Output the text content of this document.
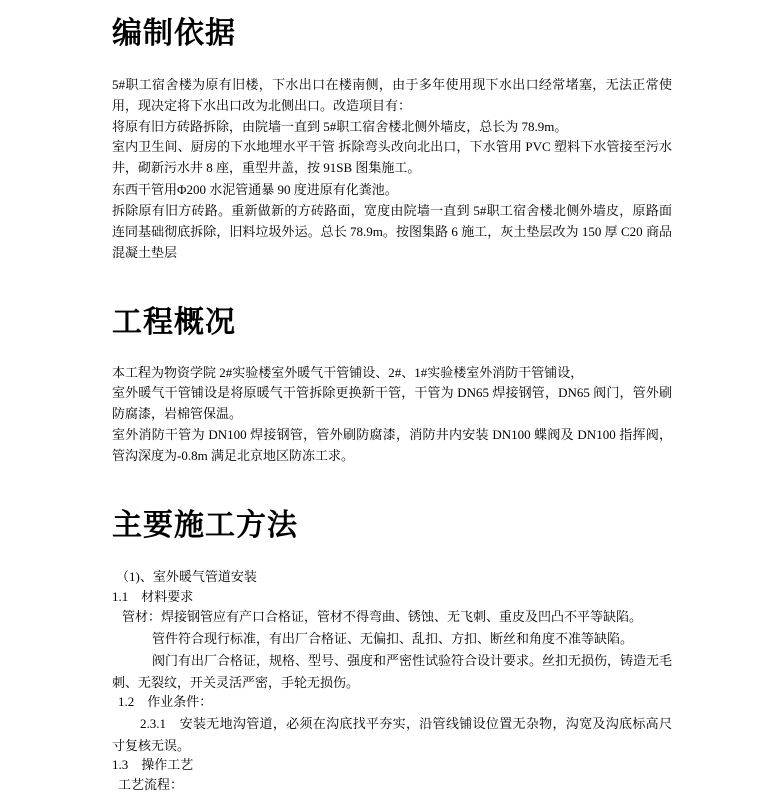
编制依据

5#职工宿舍楼为原有旧楼，下水出口在楼南侧，由于多年使用现下水出口经常堵塞，无法正常使用，现决定将下水出口改为北侧出口。改造项目有：

将原有旧方砖路拆除，由院墙一直到 5#职工宿舍楼北侧外墙皮，总长为 78.9m。

室内卫生间、厨房的下水地埋水平干管 拆除弯头改向北出口，下水管用 PVC 塑料下水管接至污水井，砌新污水井 8 座，重型井盖，按 91SB 图集施工。

东西干管用Φ200 水泥管通暴 90 度进原有化粪池。

拆除原有旧方砖路。重新做新的方砖路面，宽度由院墙一直到 5#职工宿舍楼北侧外墙皮，原路面连同基础彻底拆除，旧料垃圾外运。总长 78.9m。按图集路 6 施工，灰土垫层改为 150 厚 C20 商品混凝土垫层

工程概况

本工程为物资学院 2#实验楼室外暖气干管铺设、2#、1#实验楼室外消防干管铺设，

室外暖气干管铺设是将原暖气干管拆除更换新干管，干管为 DN65 焊接钢管，DN65 阀门，管外刷防腐漆，岩棉管保温。

室外消防干管为 DN100 焊接钢管，管外刷防腐漆，消防井内安装 DN100 蝶阀及 DN100 指挥阀，管沟深度为-0.8m 满足北京地区防冻工求。

主要施工方法

（1)、室外暖气管道安装

1.1　材料要求

管材：焊接钢管应有产口合格证，管材不得弯曲、锈蚀、无飞刺、重皮及凹凸不平等缺陷。

管件符合现行标准，有出厂合格证、无偏扣、乱扣、方扣、断丝和角度不准等缺陷。

阀门有出厂合格证，规格、型号、强度和严密性试验符合设计要求。丝扣无损伤，铸造无毛刺、无裂纹，开关灵活严密，手轮无损伤。

1.2　作业条件：

2.3.1　安装无地沟管道，必须在沟底找平夯实，沿管线铺设位置无杂物，沟宽及沟底标高尺寸复核无误。

1.3　操作工艺

工艺流程：
